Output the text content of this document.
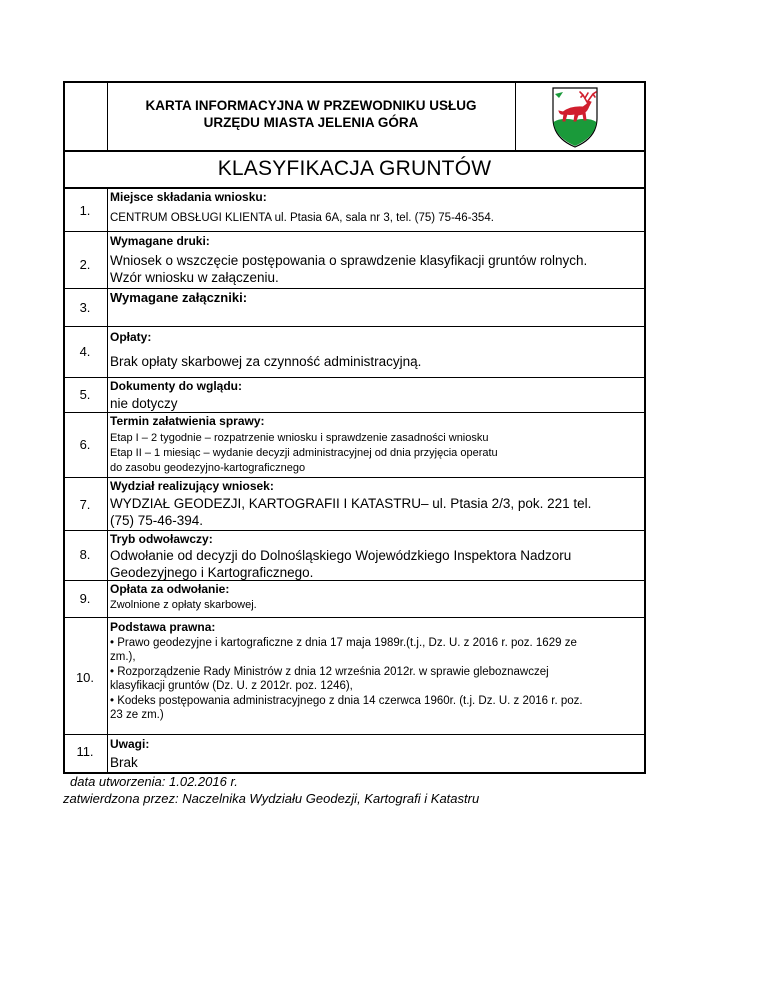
KARTA INFORMACYJNA W PRZEWODNIKU USŁUG
URZĘDU MIASTA JELENIA GÓRA
KLASYFIKACJA GRUNTÓW
1.
Miejsce składania wniosku:
CENTRUM OBSŁUGI KLIENTA ul. Ptasia 6A, sala nr 3, tel. (75) 75-46-354.
2.
Wymagane druki:
Wniosek o wszczęcie postępowania o sprawdzenie klasyfikacji gruntów rolnych.
Wzór wniosku w załączeniu.
3.
Wymagane załączniki:
4.
Opłaty:
Brak opłaty skarbowej za czynność administracyjną.
5.
Dokumenty do wglądu:
nie dotyczy
6.
Termin załatwienia sprawy:
Etap I – 2 tygodnie – rozpatrzenie wniosku i sprawdzenie zasadności wniosku
Etap II – 1 miesiąc – wydanie decyzji administracyjnej od dnia przyjęcia operatu
do zasobu geodezyjno-kartograficznego
7.
Wydział realizujący wniosek:
WYDZIAŁ GEODEZJI, KARTOGRAFII I KATASTRU– ul. Ptasia 2/3, pok. 221 tel.
(75) 75-46-394.
8.
Tryb odwoławczy:
Odwołanie od decyzji do Dolnośląskiego Wojewódzkiego Inspektora Nadzoru
Geodezyjnego i Kartograficznego.
9.
Opłata za odwołanie:
Zwolnione z opłaty skarbowej.
10.
Podstawa prawna:
• Prawo geodezyjne i kartograficzne z dnia 17 maja 1989r.(t.j., Dz. U. z 2016 r. poz. 1629 ze
zm.),
• Rozporządzenie Rady Ministrów z dnia 12 września 2012r. w sprawie gleboznawczej
klasyfikacji gruntów (Dz. U. z 2012r. poz. 1246),
• Kodeks postępowania administracyjnego z dnia 14 czerwca 1960r. (t.j. Dz. U. z 2016 r. poz.
23 ze zm.)
11.	Uwagi:
Brak
data utworzenia: 1.02.2016 r.
zatwierdzona przez: Naczelnika Wydziału Geodezji, Kartografi i Katastru
